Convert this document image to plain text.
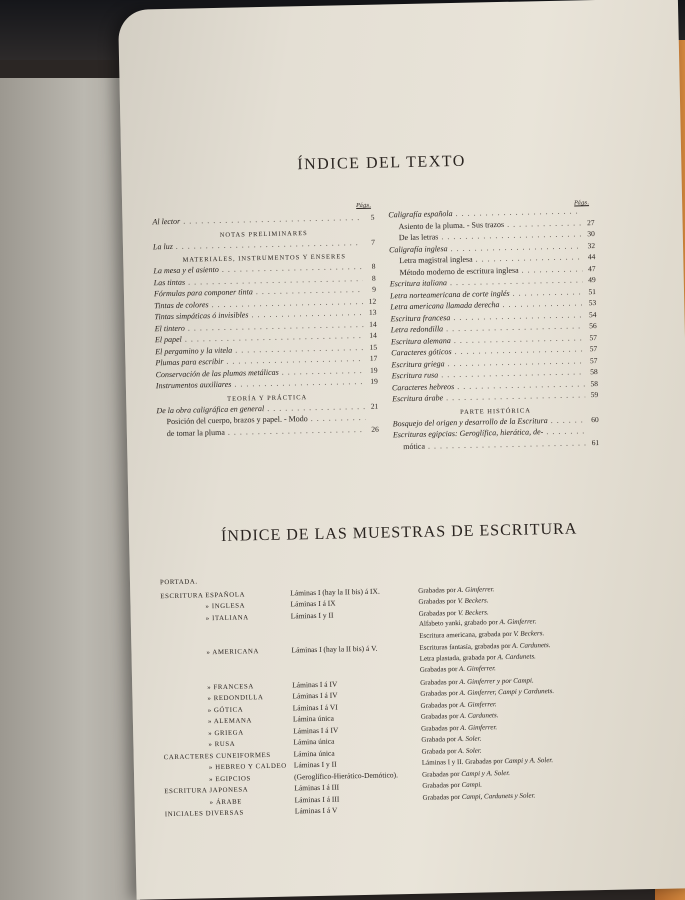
ÍNDICE DEL TEXTO
Págs.	Págs.
Al lector . . .	5
NOTAS PRELIMINARES
La luz . . .	7
MATERIALES, INSTRUMENTOS Y ENSERES
La mesa y el asiento . . .	8
Las tintas . . .	8
Fórmulas para componer tinta . . .	9
Tintas de colores . . .	12
Tintas simpáticas ó invisibles . . .	13
El tintero . . .	14
El papel . . .	14
El pergamino y la vitela . . .	15
Plumas para escribir . . .	17
Conservación de las plumas metálicas . . .	19
Instrumentos auxiliares . . .	19
TEORÍA Y PRÁCTICA
De la obra caligráfica en general . . .	21
Posición del cuerpo, brazos y papel. - Modo
. . .
de tomar la pluma . . .	26
Caligrafía española
. . .
Asiento de la pluma. - Sus trazos . . .	27
De las letras . . .	30
Caligrafía inglesa . . .	32
Letra magistral inglesa . . .	44
Método moderno de escritura inglesa . . .	47
Escritura italiana . . .	49
Letra norteamericana de corte inglés . . .	51
Letra americana llamada derecha . . .	53
Escritura francesa . . .	54
Letra redondilla . . .	56
Escritura alemana . . .	57
Caracteres góticos . . .	57
Escritura griega . . .	57
Escritura rusa . . .	58
Caracteres hebreos . . .	58
Escritura árabe . . .	59
PARTE HISTÓRICA
Bosquejo del origen y desarrollo de la Escritura . . .	60
Escrituras egipcias: Geroglífica, hierática, de-
. . .
mótica . . .	61
ÍNDICE DE LAS MUESTRAS DE ESCRITURA
PORTADA.
ESCRITURA ESPAÑOLA	Láminas I (hay la II bis) á IX.	Grabadas por A. Gimferrer.
» INGLESA	Láminas I á IX	Grabadas por V. Beckers.
» ITALIANA	Láminas I y II	Grabadas por V. Beckers.
Alfabeto yanki, grabado por A. Gimferrer.
Escritura americana, grabada por V. Beckers.
» AMERICANA	Láminas I (hay la II bis) á V.	Escrituras fantasía, grabadas por A. Cardunets.
Letra plastada, grabada por A. Cardunets.
Grabadas por A. Gimferrer.
» FRANCESA	Láminas I á IV	Grabadas por A. Gimferrer y por Campi.
» REDONDILLA	Láminas I á IV	Grabadas por A. Gimferrer, Campi y Cardunets.
» GÓTICA	Láminas I á VI	Grabadas por A. Gimferrer.
» ALEMANA	Lámina única	Grabadas por A. Cardunets.
» GRIEGA	Láminas I á IV	Grabadas por A. Gimferrer.
» RUSA	Lámina única	Grabada por A. Soler.
CARACTERES CUNEIFORMES	Lámina única	Grabada por A. Soler.
» HEBREO Y CALDEO Láminas I y II	Láminas I y II. Grabadas por Campi y A. Soler.
» EGIPCIOS	(Geroglífico-Hierático-Demótico).	Grabadas por Campi y A. Soler.
ESCRITURA JAPONESA	Láminas I á III	Grabadas por Campi.
» ÁRABE	Láminas I á III	Grabadas por Campi, Cardunets y Soler.
INICIALES DIVERSAS	Láminas I á V
